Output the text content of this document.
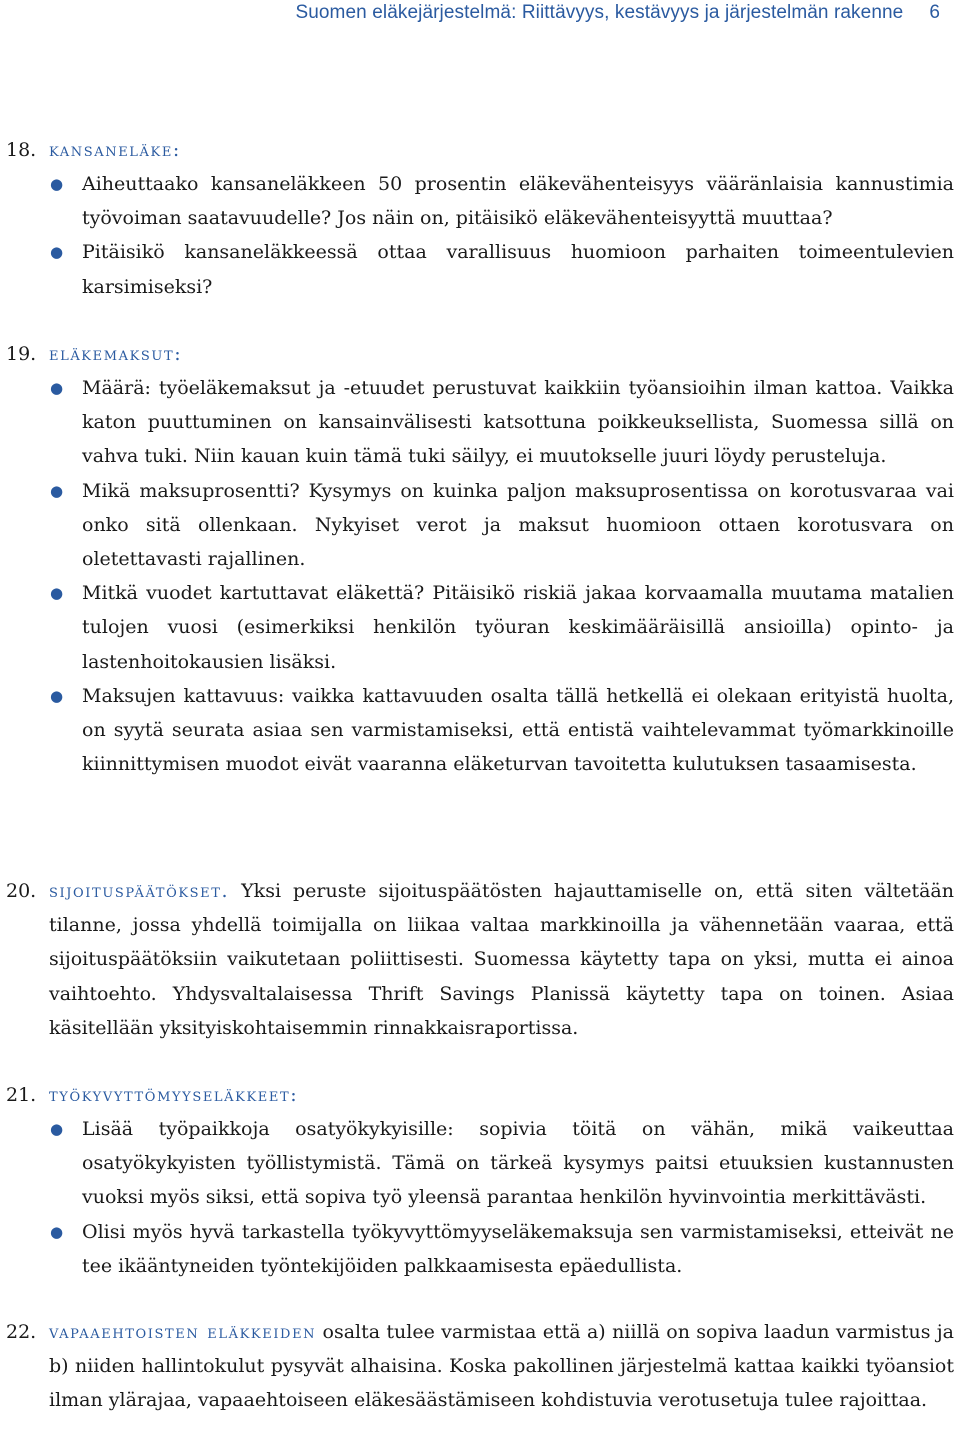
Suomen eläkejärjestelmä: Riittävyys, kestävyys ja järjestelmän rakenne 6
18. kansaneläke:
● Aiheuttaako kansaneläkkeen 50 prosentin eläkevähenteisyys vääränlaisia kannustimia työvoiman saatavuudelle? Jos näin on, pitäisikö eläkevähenteisyyttä muuttaa?
● Pitäisikö kansaneläkkeessä ottaa varallisuus huomioon parhaiten toimeentulevien karsimiseksi?
19. eläkemaksut:
● Määrä: työeläkemaksut ja -etuudet perustuvat kaikkiin työansioihin ilman kattoa. Vaikka katon puuttuminen on kansainvälisesti katsottuna poikkeuksellista, Suomessa sillä on vahva tuki. Niin kauan kuin tämä tuki säilyy, ei muutokselle juuri löydy perusteluja.
● Mikä maksuprosentti? Kysymys on kuinka paljon maksuprosentissa on korotusvaraa vai onko sitä ollenkaan. Nykyiset verot ja maksut huomioon ottaen korotusvara on oletettavasti rajallinen.
● Mitkä vuodet kartuttavat eläkettä? Pitäisikö riskiä jakaa korvaamalla muutama matalien tulojen vuosi (esimerkiksi henkilön työuran keskimääräisillä ansioilla) opinto- ja lastenhoitokausien lisäksi.
● Maksujen kattavuus: vaikka kattavuuden osalta tällä hetkellä ei olekaan erityistä huolta, on syytä seurata asiaa sen varmistamiseksi, että entistä vaihtelevammat työmarkkinoille kiinnittymisen muodot eivät vaaranna eläketurvan tavoitetta kulutuksen tasaamisesta.
20. sijoituspäätökset. Yksi peruste sijoituspäätösten hajauttamiselle on, että siten vältetään tilanne, jossa yhdellä toimijalla on liikaa valtaa markkinoilla ja vähennetään vaaraa, että sijoituspäätöksiin vaikutetaan poliittisesti. Suomessa käytetty tapa on yksi, mutta ei ainoa vaihtoehto. Yhdysvaltalaisessa Thrift Savings Planissä käytetty tapa on toinen. Asiaa käsitellään yksityiskohtaisemmin rinnakkaisraportissa.
21. työkyvyttömyyseläkkeet:
● Lisää työpaikkoja osatyökykyisille: sopivia töitä on vähän, mikä vaikeuttaa osatyökykyisten työllistymistä. Tämä on tärkeä kysymys paitsi etuuksien kustannusten vuoksi myös siksi, että sopiva työ yleensä parantaa henkilön hyvinvointia merkittävästi.
● Olisi myös hyvä tarkastella työkyvyttömyyseläkemaksuja sen varmistamiseksi, etteivät ne tee ikääntyneiden työntekijöiden palkkaamisesta epäedullista.
22. vapaaehtoisten eläkkeiden osalta tulee varmistaa että a) niillä on sopiva laadun varmistus ja b) niiden hallintokulut pysyvät alhaisina. Koska pakollinen järjestelmä kattaa kaikki työansiot ilman ylärajaa, vapaaehtoiseen eläkesäästämiseen kohdistuvia verotusetuja tulee rajoittaa.
